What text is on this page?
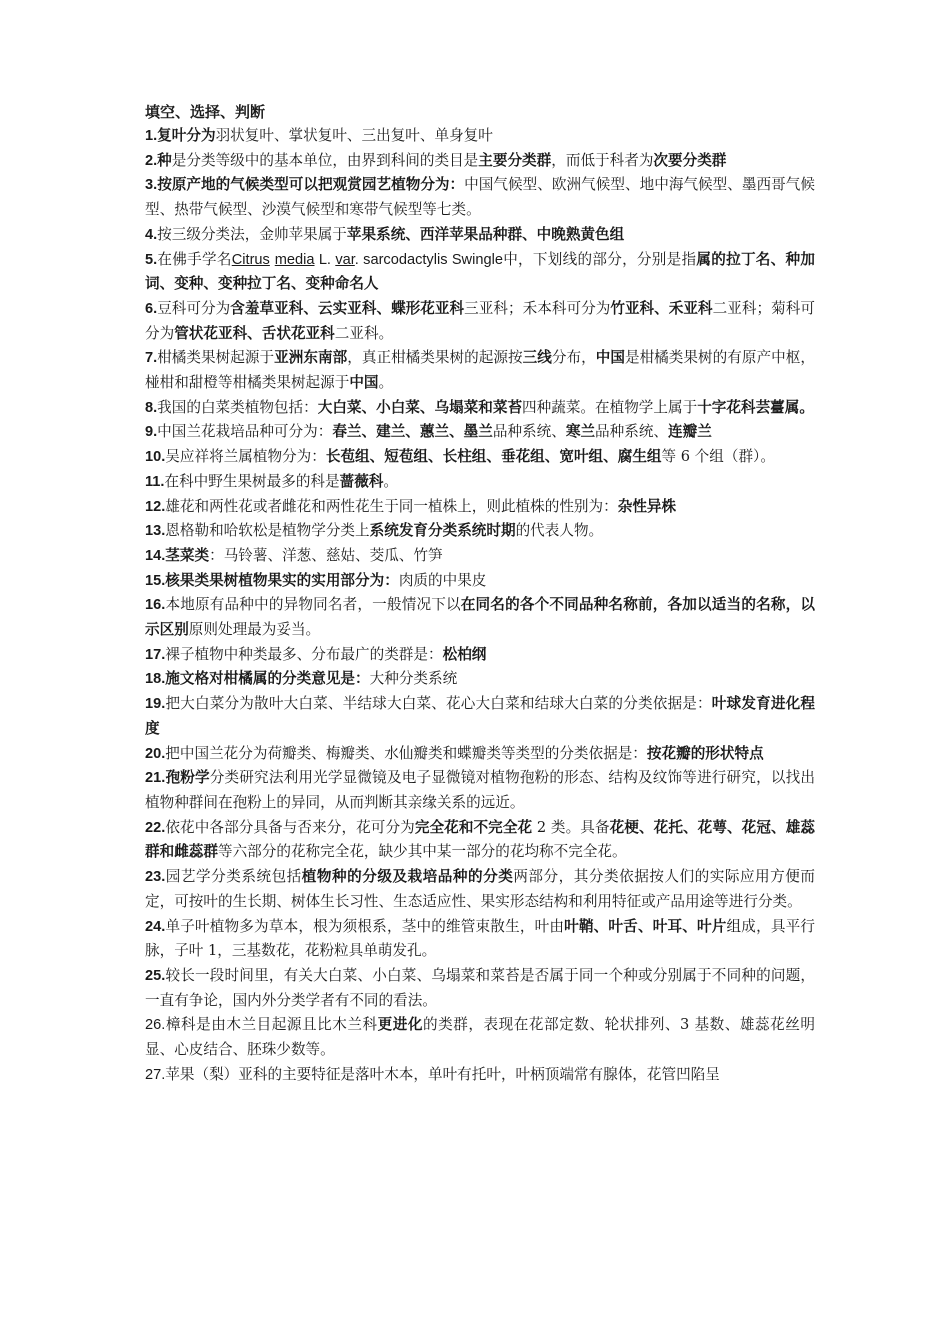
填空、选择、判断
1.复叶分为羽状复叶、掌状复叶、三出复叶、单身复叶
2.种是分类等级中的基本单位，由界到科间的类目是主要分类群，而低于科者为次要分类群
3.按原产地的气候类型可以把观赏园艺植物分为：中国气候型、欧洲气候型、地中海气候型、墨西哥气候型、热带气候型、沙漠气候型和寒带气候型等七类。
4.按三级分类法，金帅苹果属于苹果系统、西洋苹果品种群、中晚熟黄色组
5.在佛手学名Citrus media L. var. sarcodactylis Swingle中，下划线的部分，分别是指属的拉丁名、种加词、变种、变种拉丁名、变种命名人
6.豆科可分为含羞草亚科、云实亚科、蝶形花亚科三亚科；禾本科可分为竹亚科、禾亚科二亚科；菊科可分为管状花亚科、舌状花亚科二亚科。
7.柑橘类果树起源于亚洲东南部，真正柑橘类果树的起源按三线分布，中国是柑橘类果树的有原产中枢，椪柑和甜橙等柑橘类果树起源于中国。
8.我国的白菜类植物包括：大白菜、小白菜、乌塌菜和菜苔四种蔬菜。在植物学上属于十字花科芸薹属。
9.中国兰花栽培品种可分为：春兰、建兰、蕙兰、墨兰品种系统、寒兰品种系统、连瓣兰
10.吴应祥将兰属植物分为：长苞组、短苞组、长柱组、垂花组、宽叶组、腐生组等 6 个组（群）。
11.在科中野生果树最多的科是蔷薇科。
12.雄花和两性花或者雌花和两性花生于同一植株上，则此植株的性别为：杂性异株
13.恩格勒和哈软松是植物学分类上系统发育分类系统时期的代表人物。
14.茎菜类：马铃薯、洋葱、慈姑、茭瓜、竹笋
15.核果类果树植物果实的实用部分为：肉质的中果皮
16.本地原有品种中的异物同名者，一般情况下以在同名的各个不同品种名称前，各加以适当的名称，以示区别原则处理最为妥当。
17.裸子植物中种类最多、分布最广的类群是：松柏纲
18.施文格对柑橘属的分类意见是：大种分类系统
19.把大白菜分为散叶大白菜、半结球大白菜、花心大白菜和结球大白菜的分类依据是：叶球发育进化程度
20.把中国兰花分为荷瓣类、梅瓣类、水仙瓣类和蝶瓣类等类型的分类依据是：按花瓣的形状特点
21.孢粉学分类研究法利用光学显微镜及电子显微镜对植物孢粉的形态、结构及纹饰等进行研究，以找出植物种群间在孢粉上的异同，从而判断其亲缘关系的远近。
22.依花中各部分具备与否来分，花可分为完全花和不完全花 2 类。具备花梗、花托、花萼、花冠、雄蕊群和雌蕊群等六部分的花称完全花，缺少其中某一部分的花均称不完全花。
23.园艺学分类系统包括植物种的分级及栽培品种的分类两部分，其分类依据按人们的实际应用方便而定，可按叶的生长期、树体生长习性、生态适应性、果实形态结构和利用特征或产品用途等进行分类。
24.单子叶植物多为草本，根为须根系，茎中的维管束散生，叶由叶鞘、叶舌、叶耳、叶片组成，具平行脉，子叶 1，三基数花，花粉粒具单萌发孔。
25.较长一段时间里，有关大白菜、小白菜、乌塌菜和菜苔是否属于同一个种或分别属于不同种的问题，一直有争论，国内外分类学者有不同的看法。
26.樟科是由木兰目起源且比木兰科更进化的类群，表现在花部定数、轮状排列、3 基数、雄蕊花丝明显、心皮结合、胚珠少数等。
27.苹果（梨）亚科的主要特征是落叶木本，单叶有托叶，叶柄顶端常有腺体，花管凹陷呈
